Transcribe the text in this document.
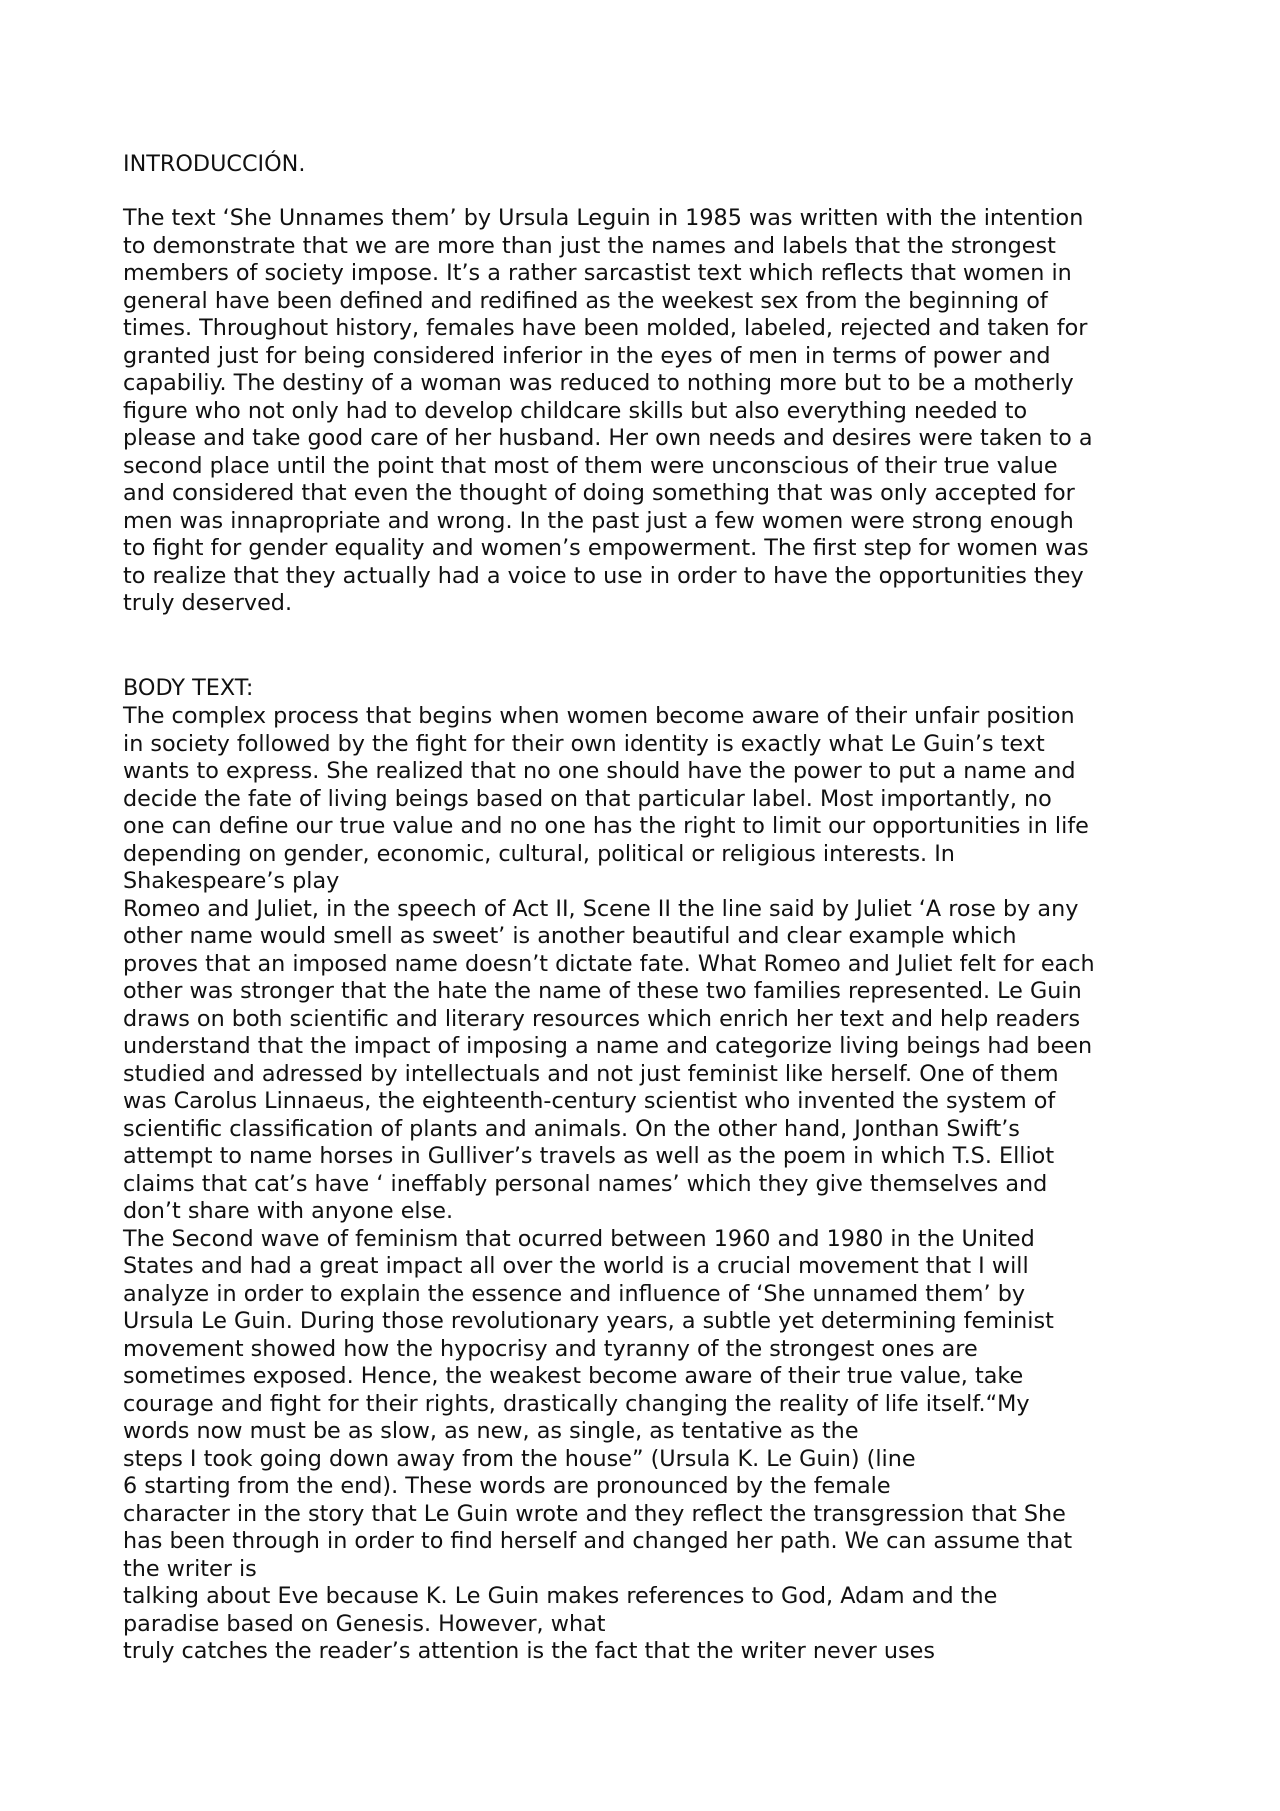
INTRODUCCIÓN.
The text ‘She Unnames them’ by Ursula Leguin in 1985 was written with the intention
to demonstrate that we are more than just the names and labels that the strongest
members of society impose. It’s a rather sarcastist text which reflects that women in
general have been defined and redifined as the weekest sex from the beginning of
times. Throughout history, females have been molded, labeled, rejected and taken for
granted just for being considered inferior in the eyes of men in terms of power and
capabiliy. The destiny of a woman was reduced to nothing more but to be a motherly
figure who not only had to develop childcare skills but also everything needed to
please and take good care of her husband. Her own needs and desires were taken to a
second place until the point that most of them were unconscious of their true value
and considered that even the thought of doing something that was only accepted for
men was innapropriate and wrong. In the past just a few women were strong enough
to fight for gender equality and women’s empowerment. The first step for women was
to realize that they actually had a voice to use in order to have the opportunities they
truly deserved.
BODY TEXT:
The complex process that begins when women become aware of their unfair position
in society followed by the fight for their own identity is exactly what Le Guin’s text
wants to express. She realized that no one should have the power to put a name and
decide the fate of living beings based on that particular label. Most importantly, no
one can define our true value and no one has the right to limit our opportunities in life
depending on gender, economic, cultural, political or religious interests. In
Shakespeare’s play
Romeo and Juliet, in the speech of Act II, Scene II the line said by Juliet ‘A rose by any
other name would smell as sweet’ is another beautiful and clear example which
proves that an imposed name doesn’t dictate fate. What Romeo and Juliet felt for each
other was stronger that the hate the name of these two families represented. Le Guin
draws on both scientific and literary resources which enrich her text and help readers
understand that the impact of imposing a name and categorize living beings had been
studied and adressed by intellectuals and not just feminist like herself. One of them
was Carolus Linnaeus, the eighteenth-century scientist who invented the system of
scientific classification of plants and animals. On the other hand, Jonthan Swift’s
attempt to name horses in Gulliver’s travels as well as the poem in which T.S. Elliot
claims that cat’s have ‘ ineffably personal names’ which they give themselves and
don’t share with anyone else.
The Second wave of feminism that ocurred between 1960 and 1980 in the United
States and had a great impact all over the world is a crucial movement that I will
analyze in order to explain the essence and influence of ‘She unnamed them’ by
Ursula Le Guin. During those revolutionary years, a subtle yet determining feminist
movement showed how the hypocrisy and tyranny of the strongest ones are
sometimes exposed. Hence, the weakest become aware of their true value, take
courage and fight for their rights, drastically changing the reality of life itself.“My
words now must be as slow, as new, as single, as tentative as the
steps I took going down away from the house” (Ursula K. Le Guin) (line
6 starting from the end). These words are pronounced by the female
character in the story that Le Guin wrote and they reflect the transgression that She
has been through in order to find herself and changed her path. We can assume that
the writer is
talking about Eve because K. Le Guin makes references to God, Adam and the
paradise based on Genesis. However, what
truly catches the reader’s attention is the fact that the writer never uses
